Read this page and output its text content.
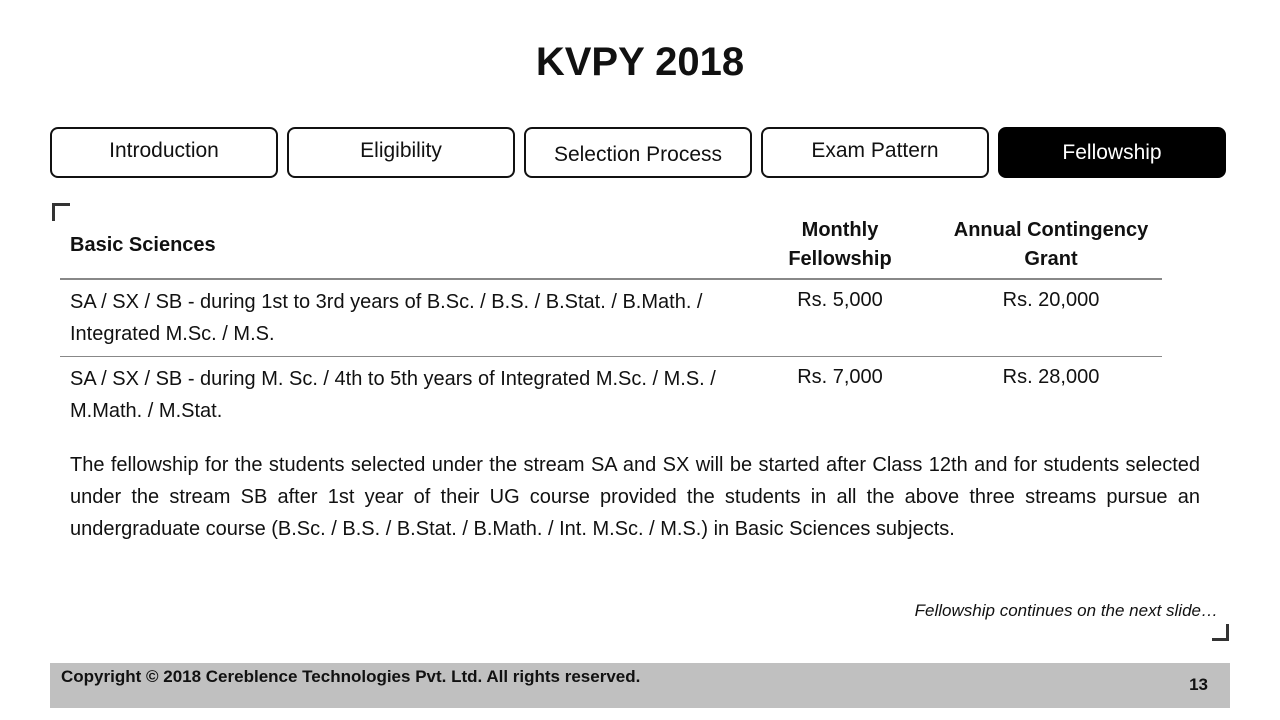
KVPY 2018
Introduction	Eligibility	Selection Process	Exam Pattern	Fellowship
Basic Sciences	Monthly Fellowship	Annual Contingency Grant
SA / SX / SB - during 1st to 3rd years of B.Sc. / B.S. / B.Stat. / B.Math. / Integrated M.Sc. / M.S.	Rs. 5,000	Rs. 20,000
SA / SX / SB - during M. Sc. / 4th to 5th years of Integrated M.Sc. / M.S. / M.Math. / M.Stat.	Rs. 7,000	Rs. 28,000

The fellowship for the students selected under the stream SA and SX will be started after Class 12th and for students selected under the stream SB after 1st year of their UG course provided the students in all the above three streams pursue an undergraduate course (B.Sc. / B.S. / B.Stat. / B.Math. / Int. M.Sc. / M.S.) in Basic Sciences subjects.

Fellowship continues on the next slide…
Copyright © 2018 Cereblence Technologies Pvt. Ltd. All rights reserved.	13
